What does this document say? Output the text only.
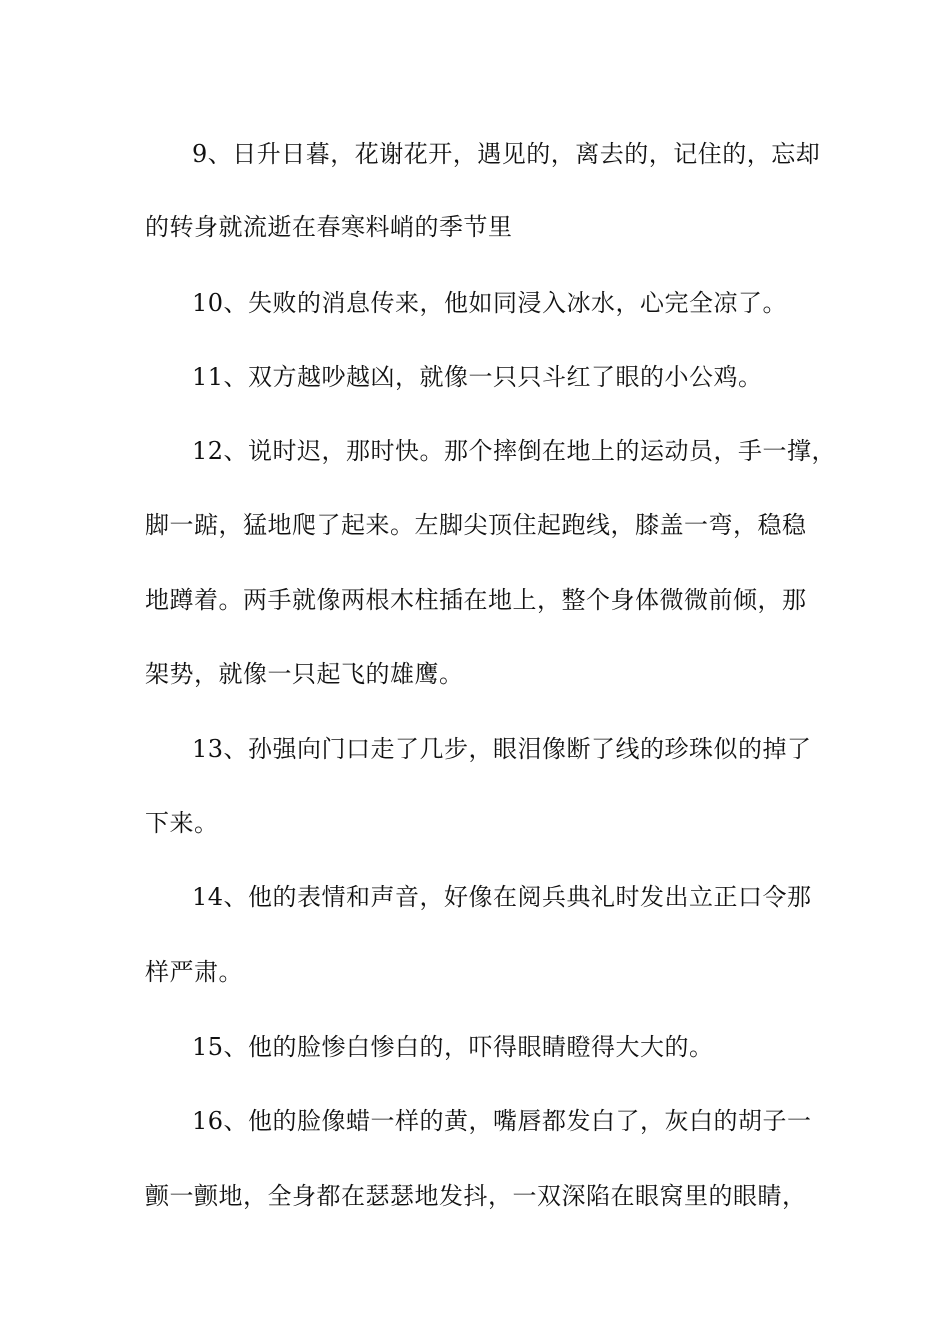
9、日升日暮，花谢花开，遇见的，离去的，记住的，忘却
的转身就流逝在春寒料峭的季节里
10、失败的消息传来，他如同浸入冰水，心完全凉了。
11、双方越吵越凶，就像一只只斗红了眼的小公鸡。
12、说时迟，那时快。那个摔倒在地上的运动员，手一撑，
脚一踮，猛地爬了起来。左脚尖顶住起跑线，膝盖一弯，稳稳
地蹲着。两手就像两根木柱插在地上，整个身体微微前倾，那
架势，就像一只起飞的雄鹰。
13、孙强向门口走了几步，眼泪像断了线的珍珠似的掉了
下来。
14、他的表情和声音，好像在阅兵典礼时发出立正口令那
样严肃。
15、他的脸惨白惨白的，吓得眼睛瞪得大大的。
16、他的脸像蜡一样的黄，嘴唇都发白了，灰白的胡子一
颤一颤地，全身都在瑟瑟地发抖，一双深陷在眼窝里的眼睛，
